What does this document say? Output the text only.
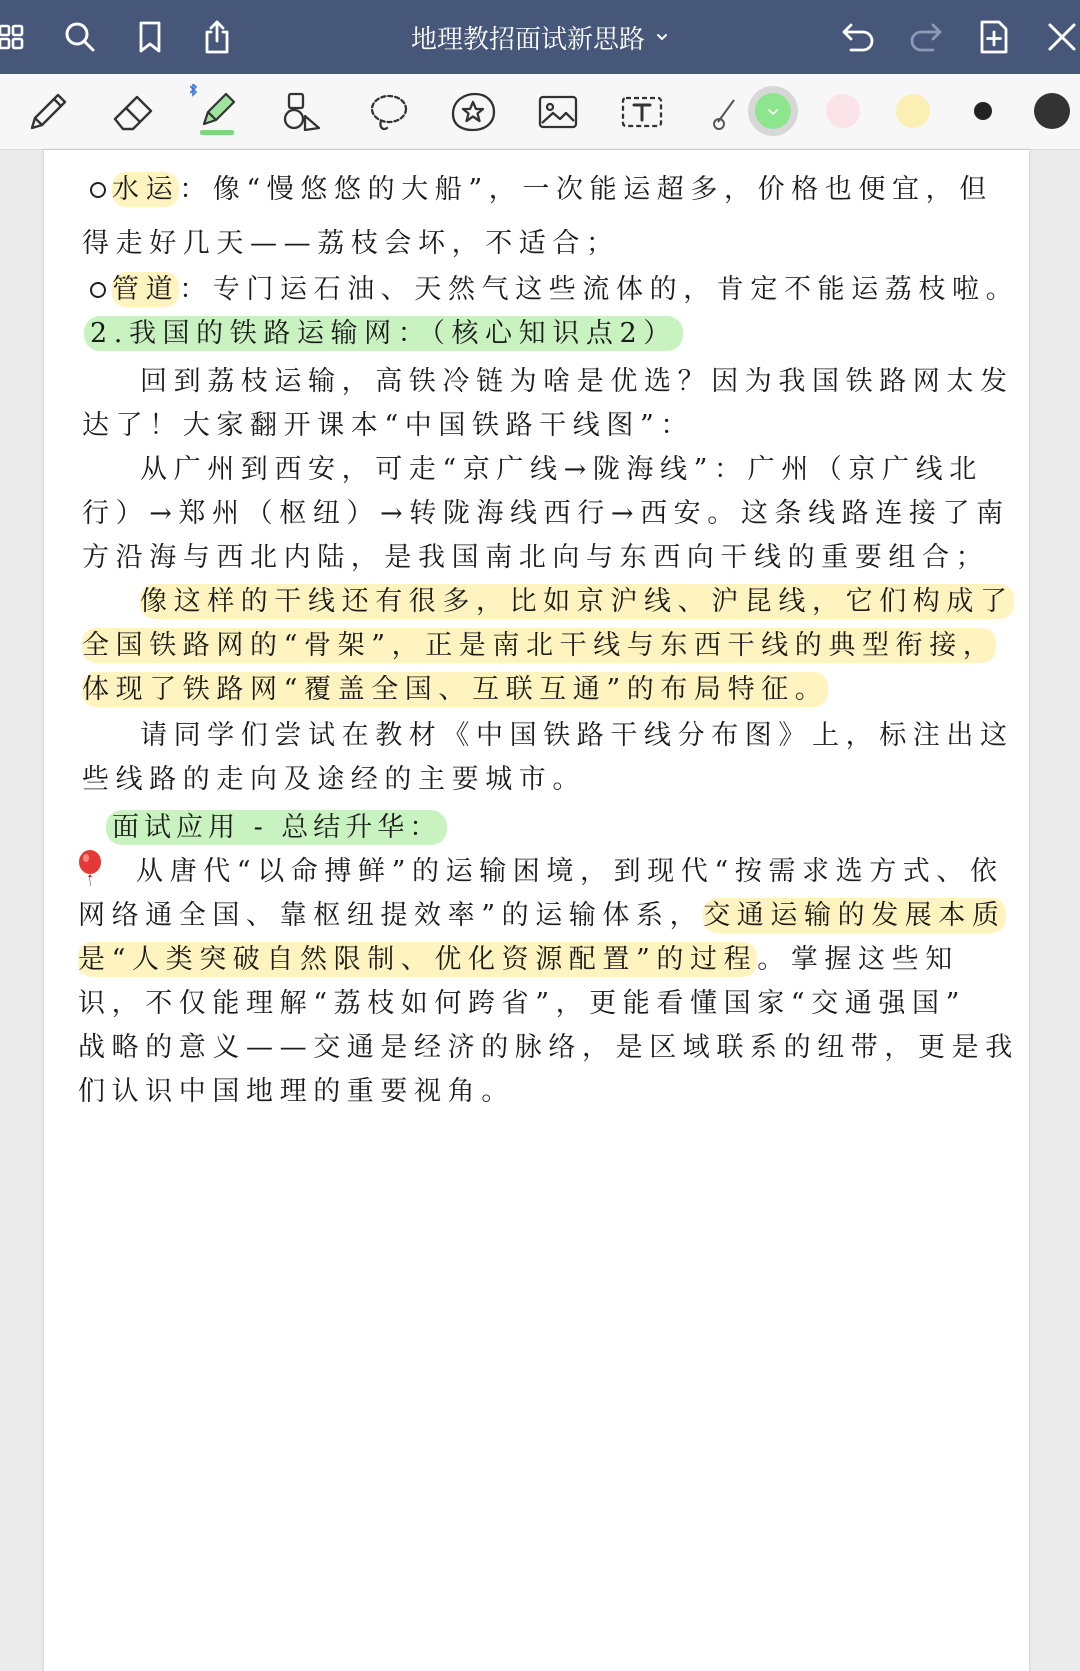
地理教招面试新思路
水运：像“慢悠悠的大船”，一次能运超多，价格也便宜，但
得走好几天——荔枝会坏，不适合；
管道：专门运石油、天然气这些流体的，肯定不能运荔枝啦。
2.我国的铁路运输网：（核心知识点2）
回到荔枝运输，高铁冷链为啥是优选？因为我国铁路网太发
达了！大家翻开课本“中国铁路干线图”：
从广州到西安，可走“京广线→陇海线”：广州（京广线北
行）→郑州（枢纽）→转陇海线西行→西安。这条线路连接了南
方沿海与西北内陆，是我国南北向与东西向干线的重要组合；
像这样的干线还有很多，比如京沪线、沪昆线，它们构成了
全国铁路网的“骨架”，正是南北干线与东西干线的典型衔接，
体现了铁路网“覆盖全国、互联互通”的布局特征。
请同学们尝试在教材《中国铁路干线分布图》上，标注出这
些线路的走向及途经的主要城市。
面试应用 - 总结升华：
从唐代“以命搏鲜”的运输困境，到现代“按需求选方式、依
网络通全国、靠枢纽提效率”的运输体系，交通运输的发展本质
是“人类突破自然限制、优化资源配置”的过程。掌握这些知
识，不仅能理解“荔枝如何跨省”，更能看懂国家“交通强国”
战略的意义——交通是经济的脉络，是区域联系的纽带，更是我
们认识中国地理的重要视角。
